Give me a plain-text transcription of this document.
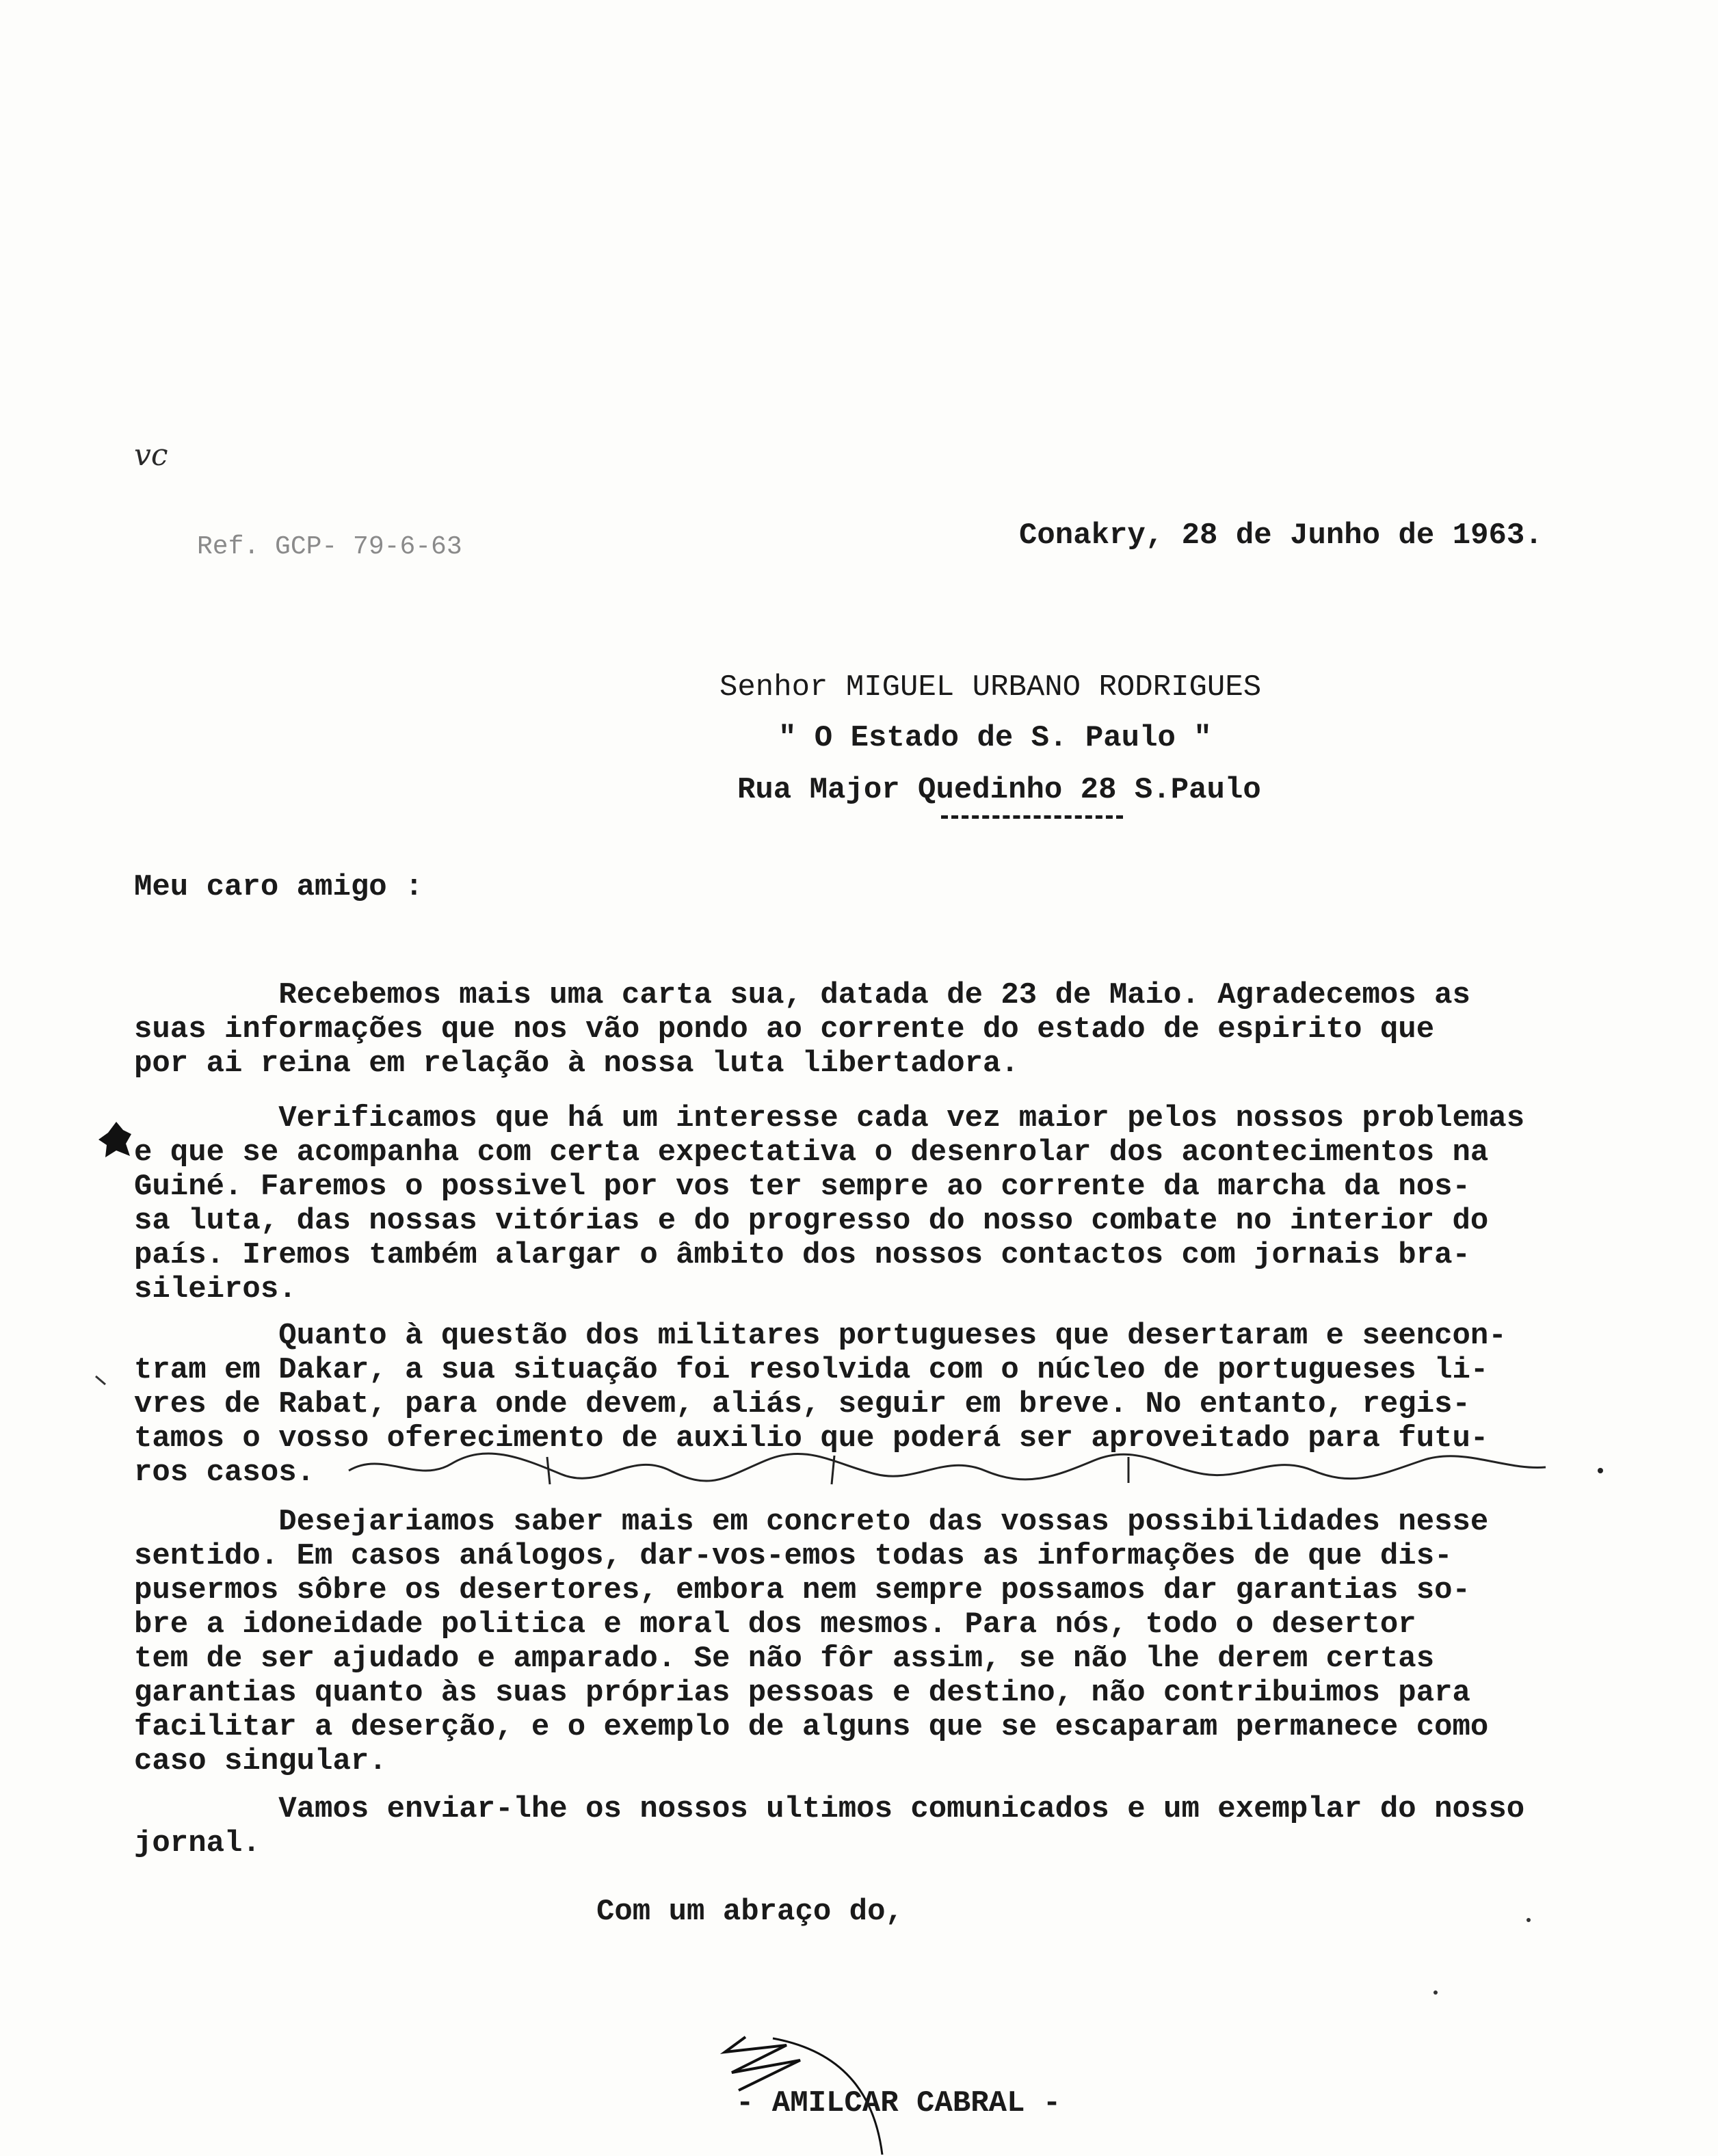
vc
Ref. GCP- 79-6-63	Conakry, 28 de Junho de 1963.
Senhor MIGUEL URBANO RODRIGUES
" O Estado de S. Paulo "
Rua Major Quedinho 28 S.Paulo
Meu caro amigo :
Recebemos mais uma carta sua, datada de 23 de Maio. Agradecemos as
suas informações que nos vão pondo ao corrente do estado de espirito que
por ai reina em relação à nossa luta libertadora.
Verificamos que há um interesse cada vez maior pelos nossos problemas
e que se acompanha com certa expectativa o desenrolar dos acontecimentos na
Guiné. Faremos o possivel por vos ter sempre ao corrente da marcha da nos-
sa luta, das nossas vitórias e do progresso do nosso combate no interior do
país. Iremos também alargar o âmbito dos nossos contactos com jornais bra-
sileiros.
Quanto à questão dos militares portugueses que desertaram e seencon-
tram em Dakar, a sua situação foi resolvida com o núcleo de portugueses li-
vres de Rabat, para onde devem, aliás, seguir em breve. No entanto, regis-
tamos o vosso oferecimento de auxilio que poderá ser aproveitado para futu-
ros casos.
Desejariamos saber mais em concreto das vossas possibilidades nesse
sentido. Em casos análogos, dar-vos-emos todas as informações de que dis-
pusermos sôbre os desertores, embora nem sempre possamos dar garantias so-
bre a idoneidade politica e moral dos mesmos. Para nós, todo o desertor
tem de ser ajudado e amparado. Se não fôr assim, se não lhe derem certas
garantias quanto às suas próprias pessoas e destino, não contribuimos para
facilitar a deserção, e o exemplo de alguns que se escaparam permanece como
caso singular.
Vamos enviar-lhe os nossos ultimos comunicados e um exemplar do nosso
jornal.
Com um abraço do,
- AMILCAR CABRAL -
